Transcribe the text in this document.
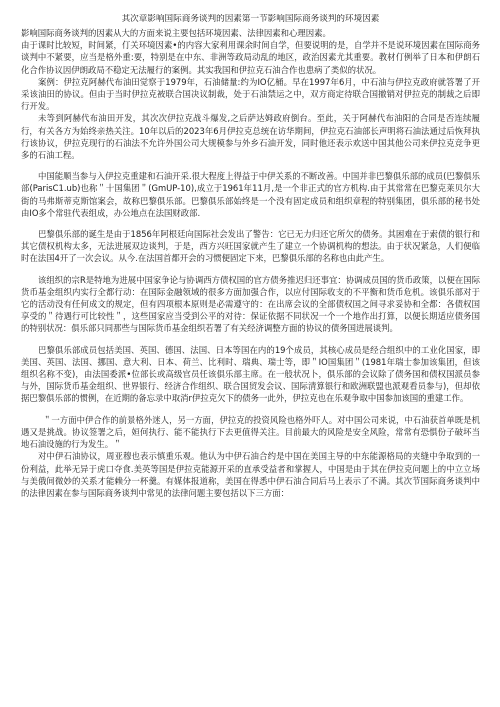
其次章影响国际商务谈判的因素第一节影响国际商务谈判的环境因素

影响国际商务谈判的因素从大的方面来说主要包括环境因素、法律因素和心理因素。

由于课时比较短，时间紧，仃关环境因素•的内容大家利用课余时间自学，但要说明的是，自学并不是说环境因素在国际商务谈判中不紧要，应当是格外重:要，特别是在中东、非洲等政局动乱的地区，政治因素尤其重要。教材仃例举了日本和伊朗石化合作协议因伊朗政局不稳定无法履行的案例。其实我国和伊拉克石油合作也患病了类似的状况。

案例：伊拉克阿赫代布油田觉察于1979年，石油储量:约为IO亿桶。早在1997年6月，中石油与伊拉克政府就答署了开采该油田的协议。但由于当时伊拉克被联合国决议制裁，处于石油禁运之中，双方商定待联合国撤销对伊拉克的制裁之后即行开发。

未等到阿赫代布油田开发，其次次伊拉克战斗爆发,之后萨达姆政府倒台。至此，关于阿赫代布油阳的合同是否连续履行，有关各方为始终亲热关注。10年以后的2023年6月伊拉克总统在访华期间，伊拉克石油部长声明将石油法通过后恢拜执行该协议，伊拉克现行的石油法不允许外国公司大规模参与外乡石油开发，同时他还表示欢送中国其他公司来伊拉克竞争更多的石油工程。

中国能顺当参与入伊拉克重建和石油开采.很大程度上得益于中伊关系的不断改善。中国并非巴黎俱乐部的成员(巴黎俱乐部(ParisC1.ub)也称＂十国集团＂(GmUP-10),成立于1961年11月,是一个非正式的官方机构.由于其常常在巴黎克莱贝尔大街的马弗斯蒂克斯馆案会，故称巴黎俱乐部。巴黎俱乐部始终是一个没有固定成员和组织章程的特别集团，俱乐部的秘书处由IO多个常驻代表组成，办公地点在法国财政部.

巴黎俱乐部的诞生是由于1856年阿根廷向国际社会发出了警告：它已无力归还它所欠的债务。其困难在于索债的银行和其它债权机构太多，无法进展双边谈判，于是，西方兴旺国家就产生了建立一个协调机构的想法。由于状况紧急，人们便临时在法国4开了一次会议。从今.在法国首都开会的习惯便固定下来，巴黎俱乐部的名称也由此产生。

该组织的宗R是特地为进展中国家争论与协调西方债权国的官方债务推迟归还事宜：协调成员国的货币政策，以便在国际货币基金组织内实行全都行动：在国际金融领域的很多方面加强合作，以应付国际收支的不平衡和货币危机。该俱乐部对于它的活动没有任何成文的规定，但有四项根本原则是必需遵守的：在出席会议的全部债权国之间寻求妥协和全都：各债权国享受的＂待遇行可比较性＂，这些国家应当受到公平的对待：保证依据不同状况一个一个地作出打算，以便长期适应债务国的特别状况：俱乐部只同那些与国际货币基金组织若署了有关经济调整方面的协议的债务国进展谈判。

巴黎俱乐部成员包括美国、英国、德国、法国、日本等国在内的19个成员，其核心成员是经合组织中的工业化国家，即美国、英国、法国、挪国、意大利、日本、荷兰、比利时、瑞典、瑞士等，即＂IO国集团＂(1981年瑞士参加该集团，但该组织名称不变)，由法国委派•位部长或高级官员任该俱乐部主席。在一般状况卜，俱乐部的会议除了债务国和债权国派员参与外，国际货币基金组织、世界银行、经济合作组织、联合国贸发会议、国际清算银行和欧洲联盟也派观看员参与)，但却依据巴黎俱乐部的惯例，在近期的备忘录中取消r伊拉克欠下的债务一此外，伊拉克也在乐观争取中国参加该国的重建工作。

＂一方面中伊合作的前景格外迷人，另一方面，伊拉克的投资风险也格外吓人。对中国公司来说，中石油获首单既是机遇又是挑战。协议签署之后，姮何执行、能不能执行下去更值得关注。目前最大的风险是安全风险，常常有恐惧份子破坏当地石油设施的行为发生。＂

对中伊石油协议，周亚穆也表示慎重乐观。他认为中伊石油合约是中国在美国主导的中东能源格局的夹缝中争取到的一份利益，此举无异于虎口夺食.美英等国是伊拉克能源开采的直承受益者和掌握人，中国是由于其在伊拉克问题上的中立立场与美俄间微妙的关系才能赖分一杯羹。有媒体报道称，美国在得悉中伊石油合同后马上表示了不满。其次节国际商务谈判中的法律因素在参与国际商务谈判中常见的法律问题主要包括以下三方面：
